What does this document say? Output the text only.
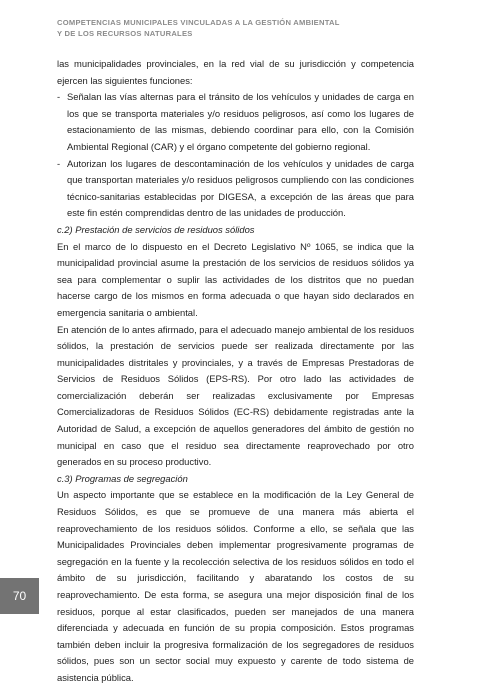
COMPETENCIAS MUNICIPALES VINCULADAS A LA GESTIÓN AMBIENTAL
Y DE LOS RECURSOS NATURALES

las municipalidades provinciales, en la red vial de su jurisdicción y competencia ejercen las siguientes funciones:

- Señalan las vías alternas para el tránsito de los vehículos y unidades de carga en los que se transporta materiales y/o residuos peligrosos, así como los lugares de estacionamiento de las mismas, debiendo coordinar para ello, con la Comisión Ambiental Regional (CAR) y el órgano competente del gobierno regional.
- Autorizan los lugares de descontaminación de los vehículos y unidades de carga que transportan materiales y/o residuos peligrosos cumpliendo con las condiciones técnico-sanitarias establecidas por DIGESA, a excepción de las áreas que para este fin estén comprendidas dentro de las unidades de producción.

c.2) Prestación de servicios de residuos sólidos

En el marco de lo dispuesto en el Decreto Legislativo Nº 1065, se indica que la municipalidad provincial asume la prestación de los servicios de residuos sólidos ya sea para complementar o suplir las actividades de los distritos que no puedan hacerse cargo de los mismos en forma adecuada o que hayan sido declarados en emergencia sanitaria o ambiental.

En atención de lo antes afirmado, para el adecuado manejo ambiental de los residuos sólidos, la prestación de servicios puede ser realizada directamente por las municipalidades distritales y provinciales, y a través de Empresas Prestadoras de Servicios de Residuos Sólidos (EPS-RS). Por otro lado las actividades de comercialización deberán ser realizadas exclusivamente por Empresas Comercializadoras de Residuos Sólidos (EC-RS) debidamente registradas ante la Autoridad de Salud, a excepción de aquellos generadores del ámbito de gestión no municipal en caso que el residuo sea directamente reaprovechado por otro generados en su proceso productivo.

c.3) Programas de segregación

Un aspecto importante que se establece en la modificación de la Ley General de Residuos Sólidos, es que se promueve de una manera más abierta el reaprovechamiento de los residuos sólidos. Conforme a ello, se señala que las Municipalidades Provinciales deben implementar progresivamente programas de segregación en la fuente y la recolección selectiva de los residuos sólidos en todo el ámbito de su jurisdicción, facilitando y abaratando los costos de su reaprovechamiento. De esta forma, se asegura una mejor disposición final de los residuos, porque al estar clasificados, pueden ser manejados de una manera diferenciada y adecuada en función de su propia composición. Estos programas también deben incluir la progresiva formalización de los segregadores de residuos sólidos, pues son un sector social muy expuesto y carente de todo sistema de asistencia pública.

70
